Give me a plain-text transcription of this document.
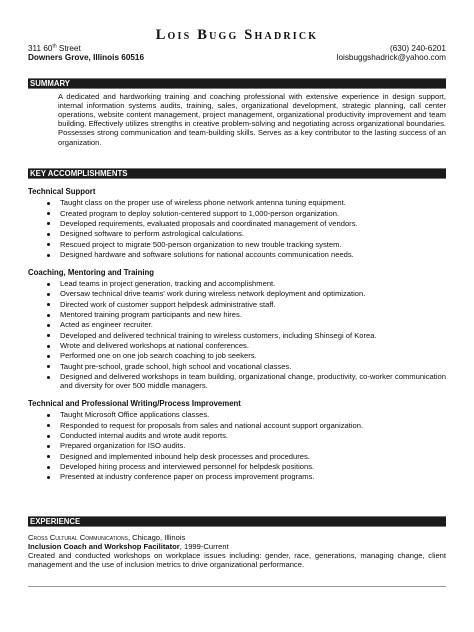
Lois Bugg Shadrick
311 60th Street	(630) 240-6201
Downers Grove, Illinois 60516	loisbuggshadrick@yahoo.com
SUMMARY
A dedicated and hardworking training and coaching professional with extensive experience in design support, internal information systems audits, training, sales, organizational development, strategic planning, call center operations, website content management, project management, organizational productivity improvement and team building. Effectively utilizes strengths in creative problem-solving and negotiating across organizational boundaries. Possesses strong communication and team-building skills. Serves as a key contributor to the lasting success of an organization.
KEY ACCOMPLISHMENTS
Technical Support
Taught class on the proper use of wireless phone network antenna tuning equipment.
Created program to deploy solution-centered support to 1,000-person organization.
Developed requirements, evaluated proposals and coordinated management of vendors.
Designed software to perform astrological calculations.
Rescued project to migrate 500-person organization to new trouble tracking system.
Designed hardware and software solutions for national accounts communication needs.
Coaching, Mentoring and Training
Lead teams in project generation, tracking and accomplishment.
Oversaw technical drive teams' work during wireless network deployment and optimization.
Directed work of customer support helpdesk administrative staff.
Mentored training program participants and new hires.
Acted as engineer recruiter.
Developed and delivered technical training to wireless customers, including Shinsegi of Korea.
Wrote and delivered workshops at national conferences.
Performed one on one job search coaching to job seekers.
Taught pre-school, grade school, high school and vocational classes.
Designed and delivered workshops in team building, organizational change, productivity, co-worker communication and diversity for over 500 middle managers.
Technical and Professional Writing/Process Improvement
Taught Microsoft Office applications classes.
Responded to request for proposals from sales and national account support organization.
Conducted internal audits and wrote audit reports.
Prepared organization for ISO audits.
Designed and implemented inbound help desk processes and procedures.
Developed hiring process and interviewed personnel for helpdesk positions.
Presented at industry conference paper on process improvement programs.
EXPERIENCE
Cross Cultural Communications, Chicago, Illinois
Inclusion Coach and Workshop Facilitator, 1999-Current
Created and conducted workshops on workplace issues including: gender, race, generations, managing change, client management and the use of inclusion metrics to drive organizational performance.
